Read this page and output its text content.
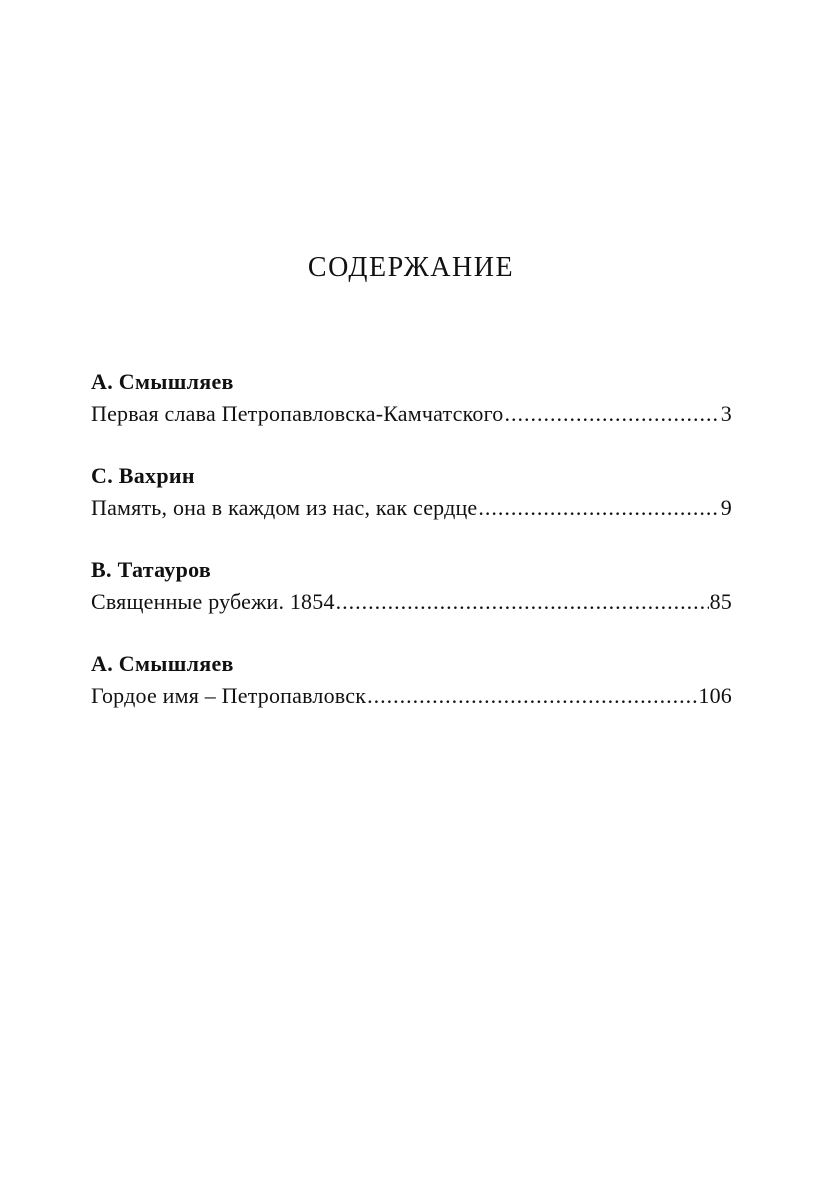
СОДЕРЖАНИЕ
А. Смышляев
Первая слава Петропавловска-Камчатского .....	3
С. Вахрин
Память, она в каждом из нас, как сердце .....	9
В. Татауров
Священные рубежи. 1854 .....	85
А. Смышляев
Гордое имя – Петропавловск .....	106
